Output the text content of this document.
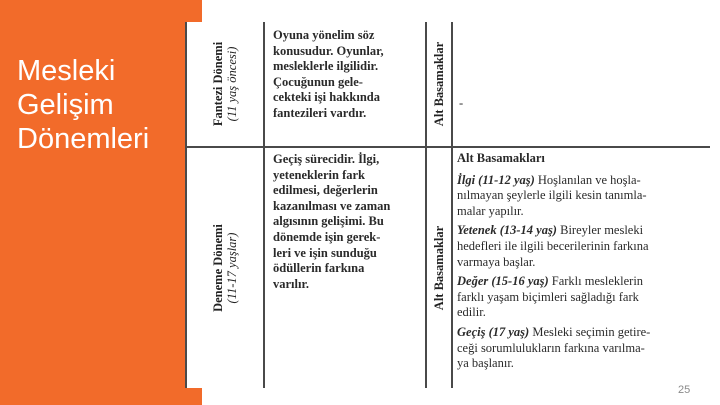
Mesleki
Gelişim
Dönemleri
Fantezi Dönemi (11 yaş öncesi)
Oyuna yönelim söz
konusudur. Oyunlar,
mesleklerle ilgilidir.
Çocuğunun gele-
cekteki işi hakkında
fantezileri vardır.	Alt Basamaklar -
Deneme Dönemi (11-17 yaşlar)
Geçiş sürecidir. İlgi,
yeteneklerin fark
edilmesi, değerlerin
kazanılması ve zaman
algısının gelişimi. Bu
dönemde işin gerek-
leri ve işin sunduğu
ödüllerin farkına
varılır.	Alt Basamaklar
Alt Basamakları
İlgi (11-12 yaş) Hoşlanılan ve hoşla-
nılmayan şeylerle ilgili kesin tanımla-
malar yapılır.
Yetenek (13-14 yaş) Bireyler mesleki
hedefleri ile ilgili becerilerinin farkına
varmaya başlar.
Değer (15-16 yaş) Farklı mesleklerin
farklı yaşam biçimleri sağladığı fark
edilir.
Geçiş (17 yaş) Mesleki seçimin getire-
ceği sorumlulukların farkına varılma-
ya başlanır.
25
